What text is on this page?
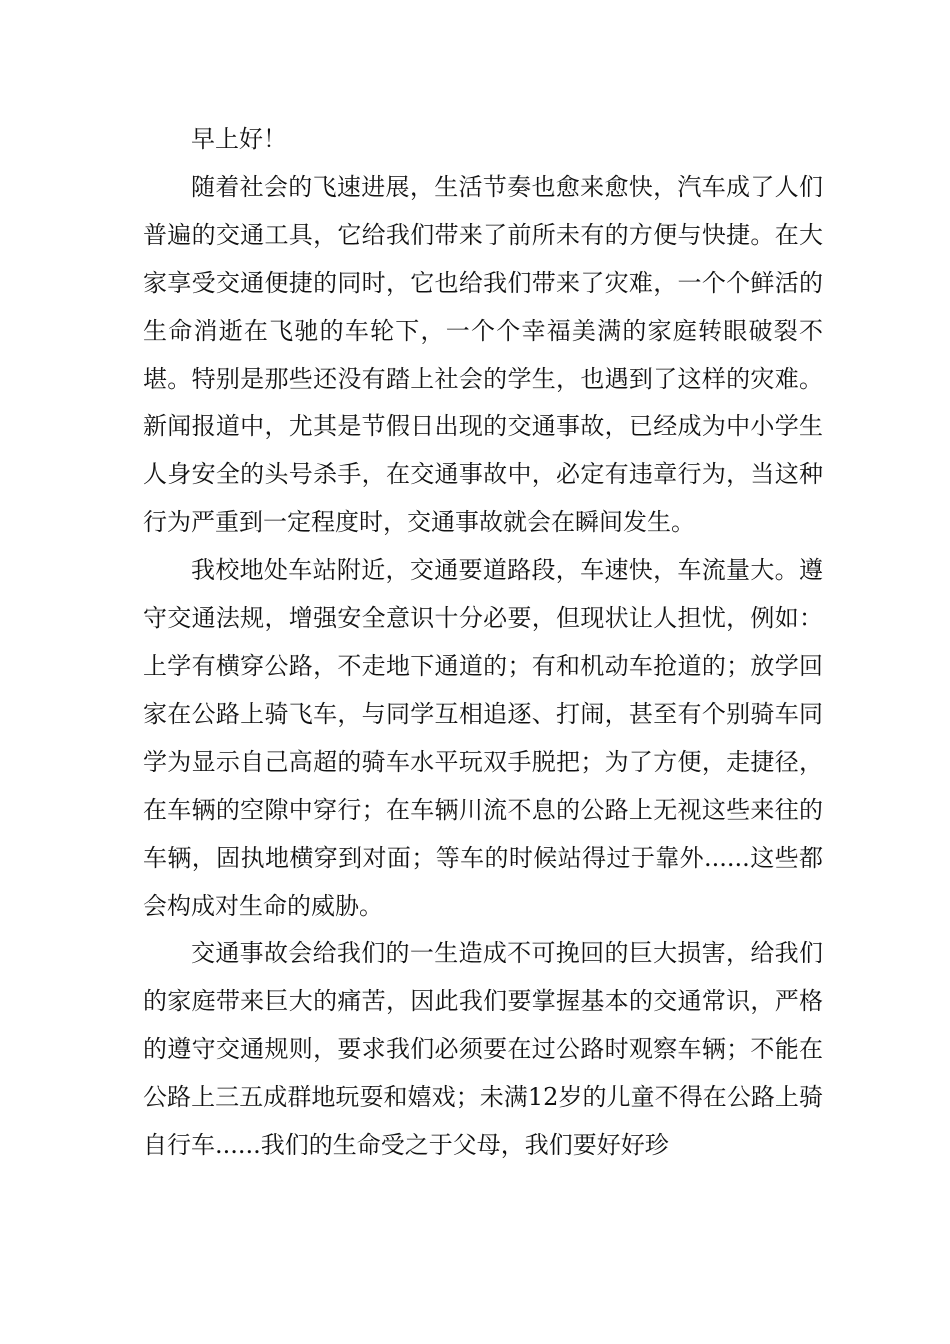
早上好！

随着社会的飞速进展，生活节奏也愈来愈快，汽车成了人们普遍的交通工具，它给我们带来了前所未有的方便与快捷。在大家享受交通便捷的同时，它也给我们带来了灾难，一个个鲜活的生命消逝在飞驰的车轮下，一个个幸福美满的家庭转眼破裂不堪。特别是那些还没有踏上社会的学生，也遇到了这样的灾难。新闻报道中，尤其是节假日出现的交通事故，已经成为中小学生人身安全的头号杀手，在交通事故中，必定有违章行为，当这种行为严重到一定程度时，交通事故就会在瞬间发生。

我校地处车站附近，交通要道路段，车速快，车流量大。遵守交通法规，增强安全意识十分必要，但现状让人担忧，例如：上学有横穿公路，不走地下通道的；有和机动车抢道的；放学回家在公路上骑飞车，与同学互相追逐、打闹，甚至有个别骑车同学为显示自己高超的骑车水平玩双手脱把；为了方便，走捷径，在车辆的空隙中穿行；在车辆川流不息的公路上无视这些来往的车辆，固执地横穿到对面；等车的时候站得过于靠外......这些都会构成对生命的威胁。

交通事故会给我们的一生造成不可挽回的巨大损害，给我们的家庭带来巨大的痛苦，因此我们要掌握基本的交通常识，严格的遵守交通规则，要求我们必须要在过公路时观察车辆；不能在公路上三五成群地玩耍和嬉戏；未满12岁的儿童不得在公路上骑自行车......我们的生命受之于父母，我们要好好珍
